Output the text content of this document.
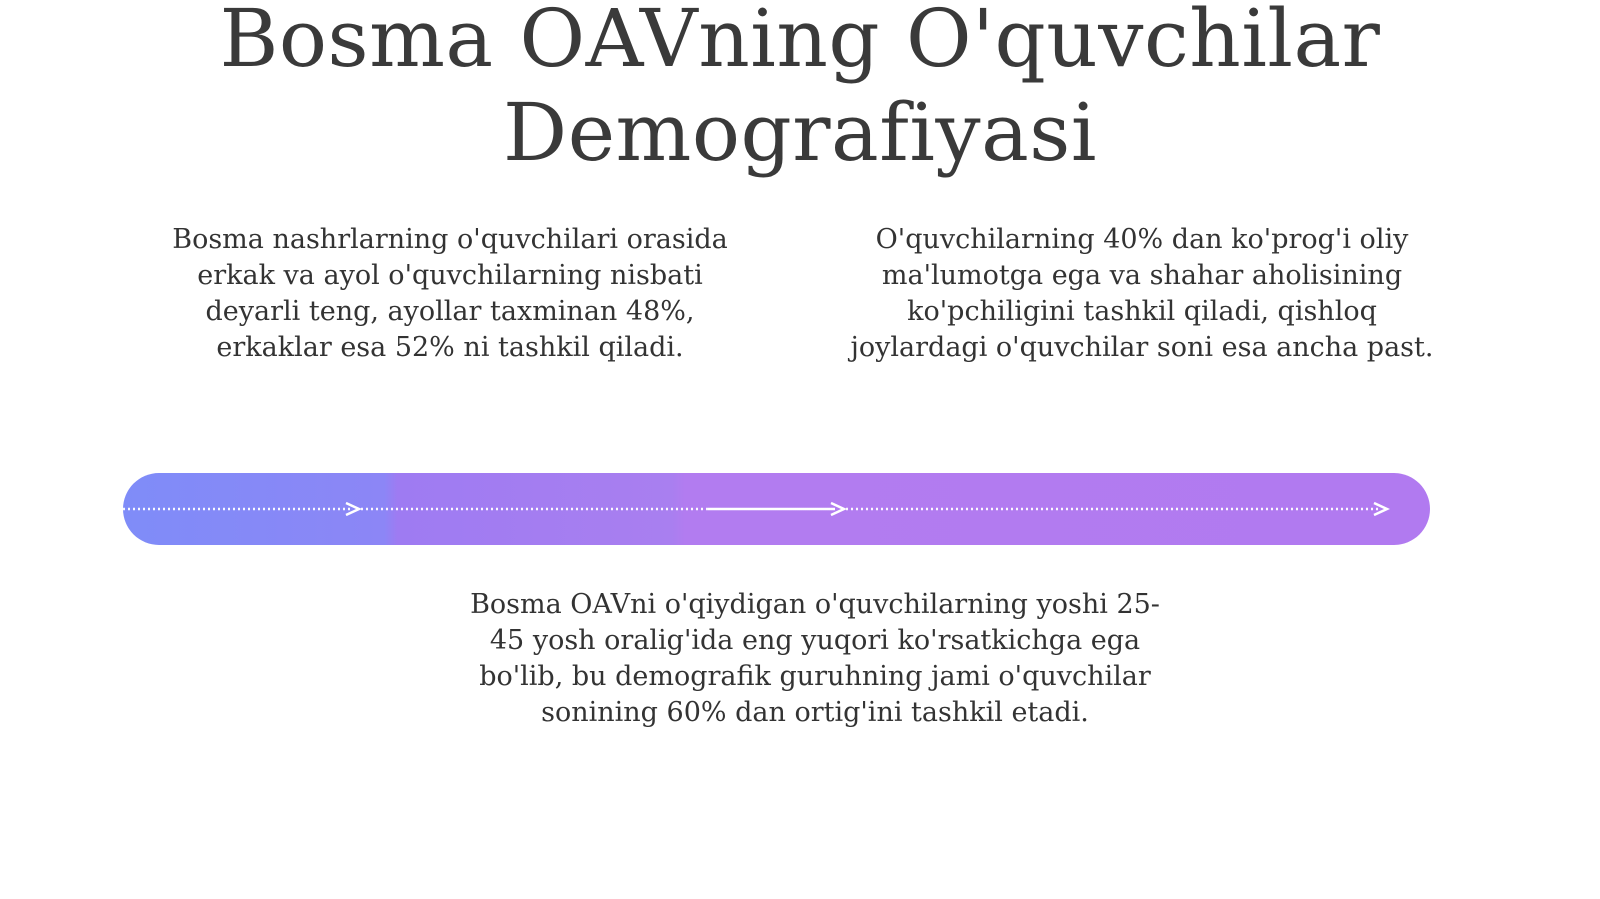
Bosma OAVning O'quvchilar Demografiyasi

Bosma nashrlarning o'quvchilari orasida erkak va ayol o'quvchilarning nisbati deyarli teng, ayollar taxminan 48%, erkaklar esa 52% ni tashkil qiladi.

O'quvchilarning 40% dan ko'prog'i oliy ma'lumotga ega va shahar aholisining ko'pchiligini tashkil qiladi, qishloq joylardagi o'quvchilar soni esa ancha past.

Bosma OAVni o'qiydigan o'quvchilarning yoshi 25-45 yosh oralig'ida eng yuqori ko'rsatkichga ega bo'lib, bu demografik guruhning jami o'quvchilar sonining 60% dan ortig'ini tashkil etadi.
